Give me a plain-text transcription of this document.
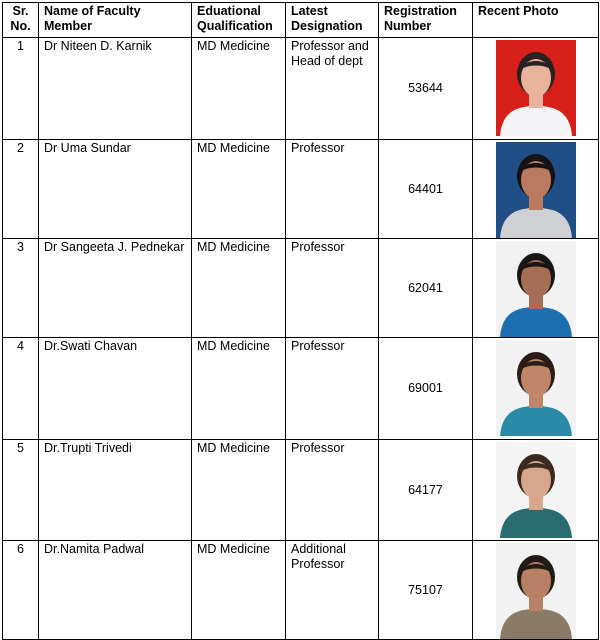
Sr. No.	Name of Faculty Member	Eduational Qualification	Latest Designation	Registration Number	Recent Photo
1	Dr Niteen D. Karnik	MD Medicine	Professor and Head of dept	53644	

2	Dr Uma Sundar	MD Medicine	Professor	64401	

3	Dr Sangeeta J. Pednekar	MD Medicine	Professor	62041	

4	Dr.Swati Chavan	MD Medicine	Professor	69001	

5	Dr.Trupti Trivedi	MD Medicine	Professor	64177	

6	Dr.Namita Padwal	MD Medicine	Additional Professor	75107	
